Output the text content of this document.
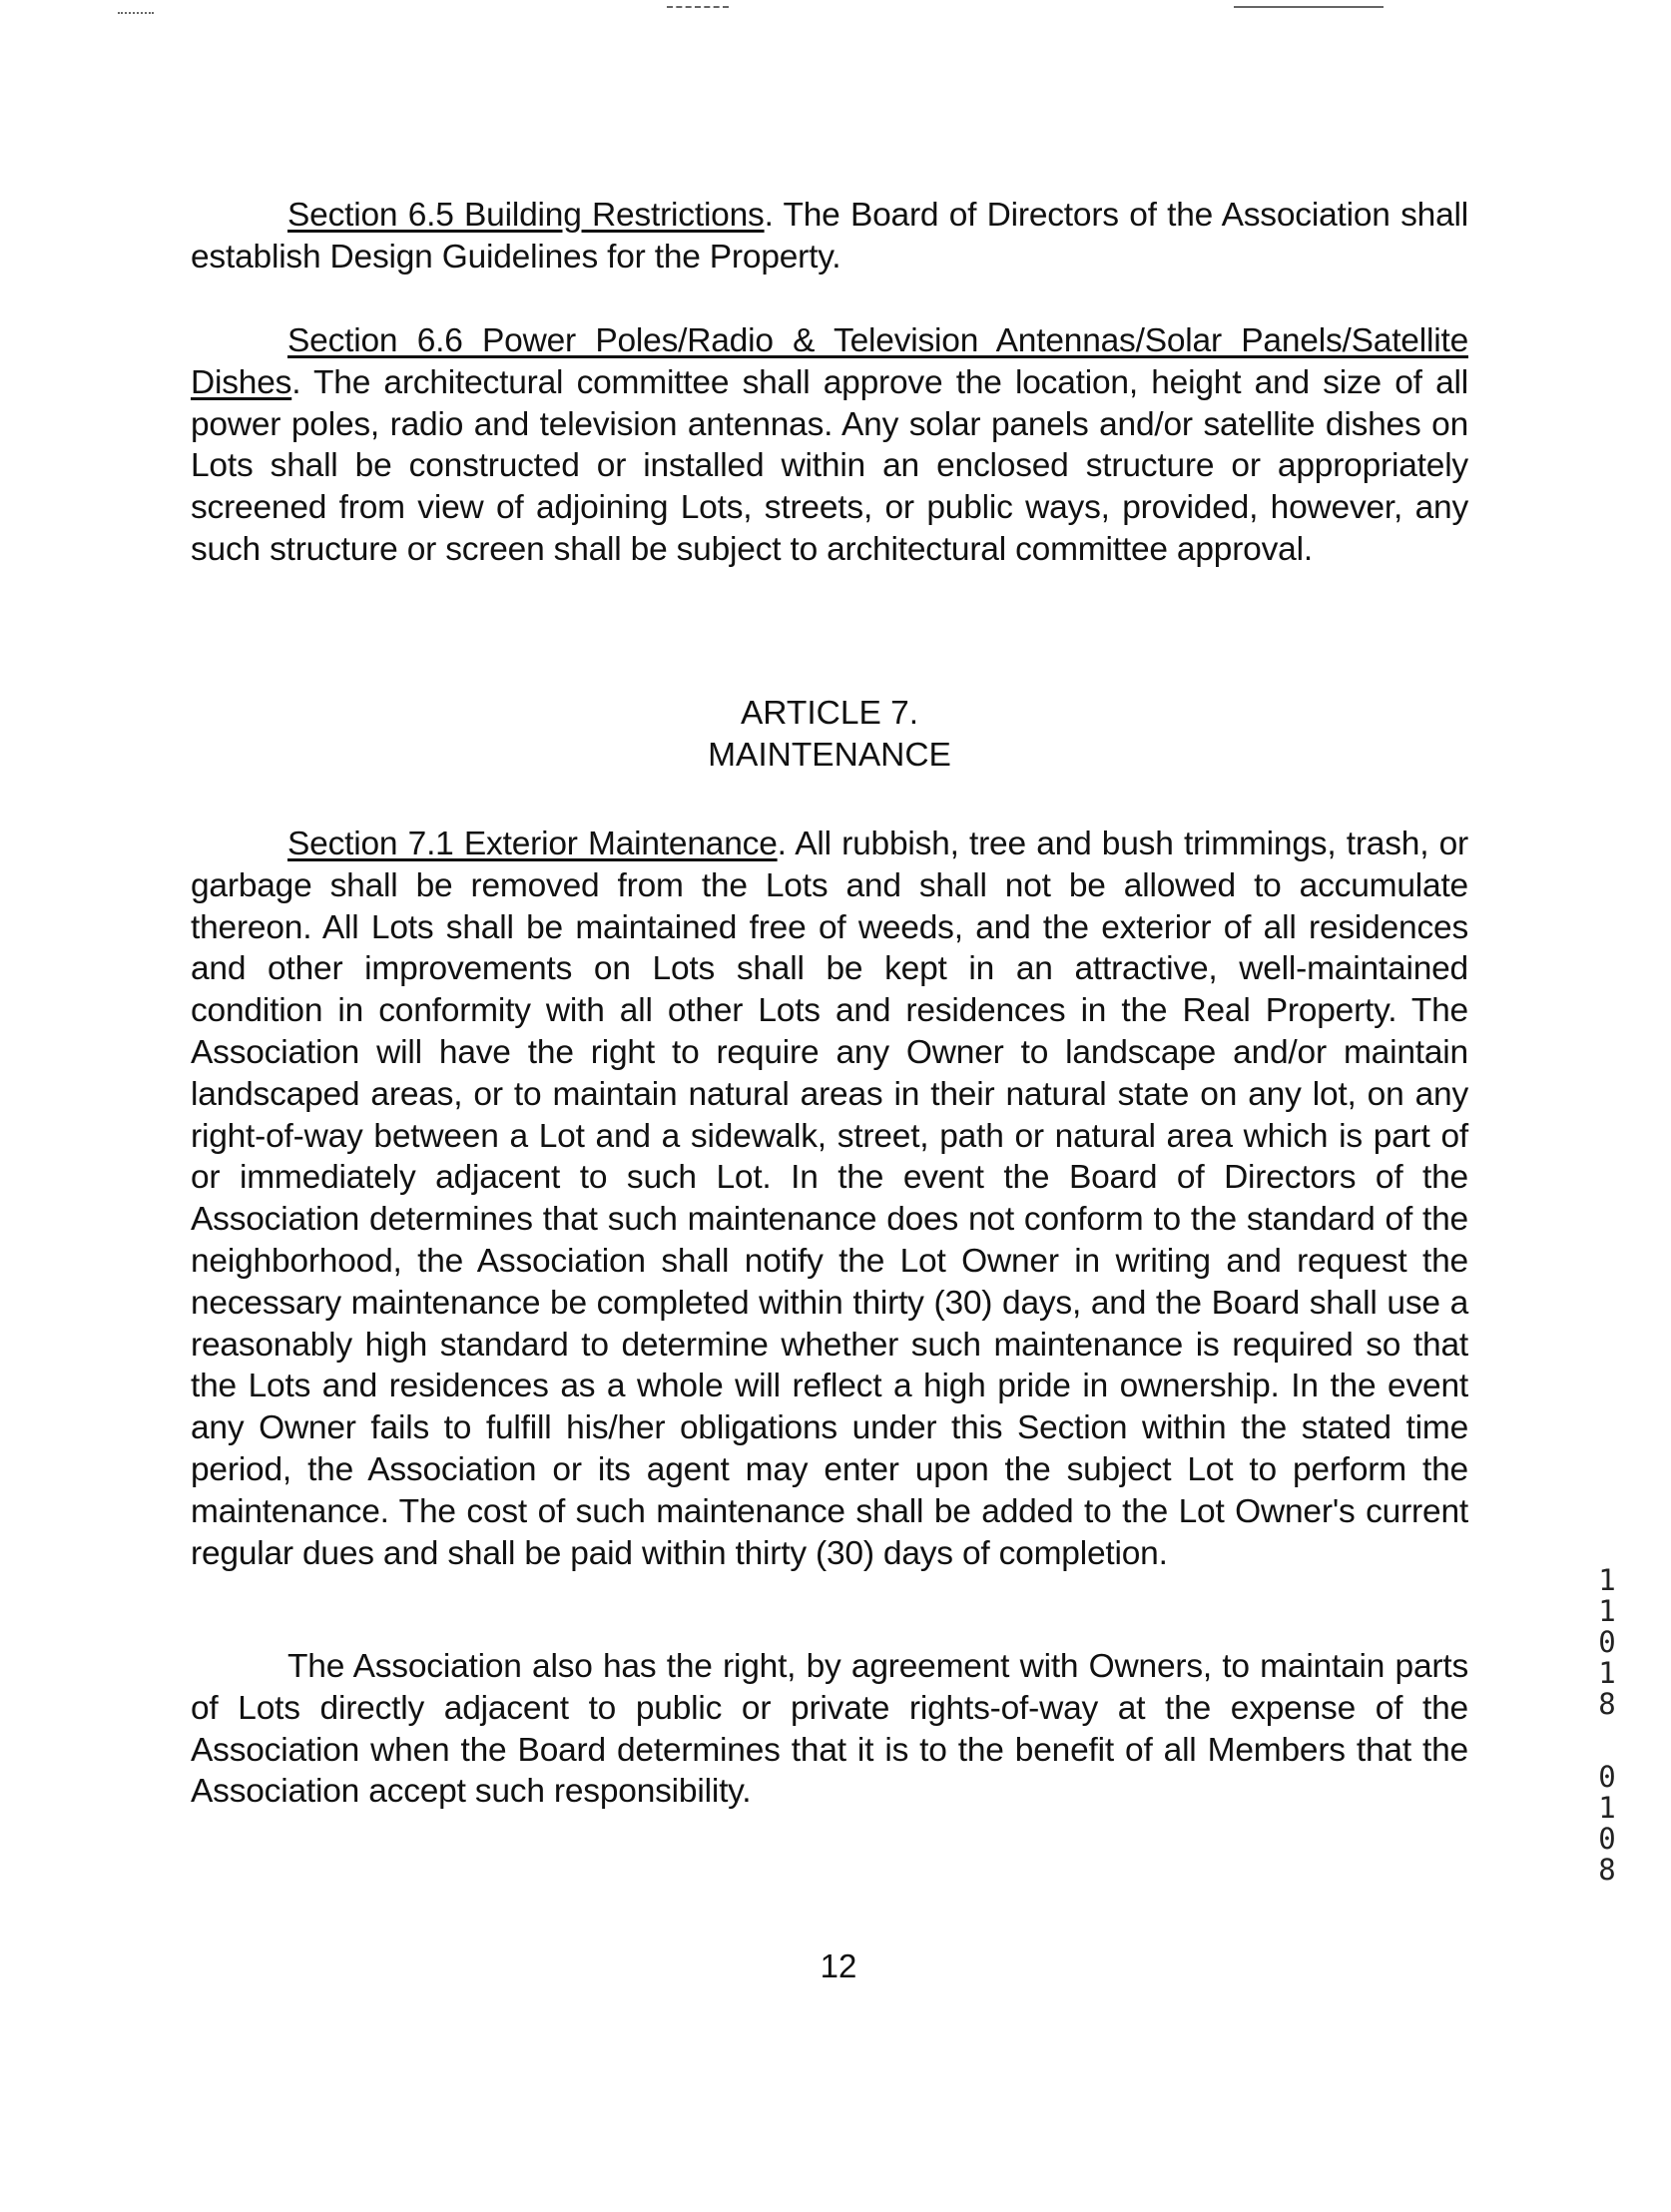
Section 6.5 Building Restrictions. The Board of Directors of the Association shall establish Design Guidelines for the Property.

Section 6.6 Power Poles/Radio & Television Antennas/Solar Panels/Satellite Dishes. The architectural committee shall approve the location, height and size of all power poles, radio and television antennas. Any solar panels and/or satellite dishes on Lots shall be constructed or installed within an enclosed structure or appropriately screened from view of adjoining Lots, streets, or public ways, provided, however, any such structure or screen shall be subject to architectural committee approval.

ARTICLE 7.
MAINTENANCE

Section 7.1 Exterior Maintenance. All rubbish, tree and bush trimmings, trash, or garbage shall be removed from the Lots and shall not be allowed to accumulate thereon. All Lots shall be maintained free of weeds, and the exterior of all residences and other improvements on Lots shall be kept in an attractive, well-maintained condition in conformity with all other Lots and residences in the Real Property. The Association will have the right to require any Owner to landscape and/or maintain landscaped areas, or to maintain natural areas in their natural state on any lot, on any right-of-way between a Lot and a sidewalk, street, path or natural area which is part of or immediately adjacent to such Lot. In the event the Board of Directors of the Association determines that such maintenance does not conform to the standard of the neighborhood, the Association shall notify the Lot Owner in writing and request the necessary maintenance be completed within thirty (30) days, and the Board shall use a reasonably high standard to determine whether such maintenance is required so that the Lots and residences as a whole will reflect a high pride in ownership. In the event any Owner fails to fulfill his/her obligations under this Section within the stated time period, the Association or its agent may enter upon the subject Lot to perform the maintenance. The cost of such maintenance shall be added to the Lot Owner's current regular dues and shall be paid within thirty (30) days of completion.

The Association also has the right, by agreement with Owners, to maintain parts of Lots directly adjacent to public or private rights-of-way at the expense of the Association when the Board determines that it is to the benefit of all Members that the Association accept such responsibility.

12
1
1
0
1
8
0
1
0
8
